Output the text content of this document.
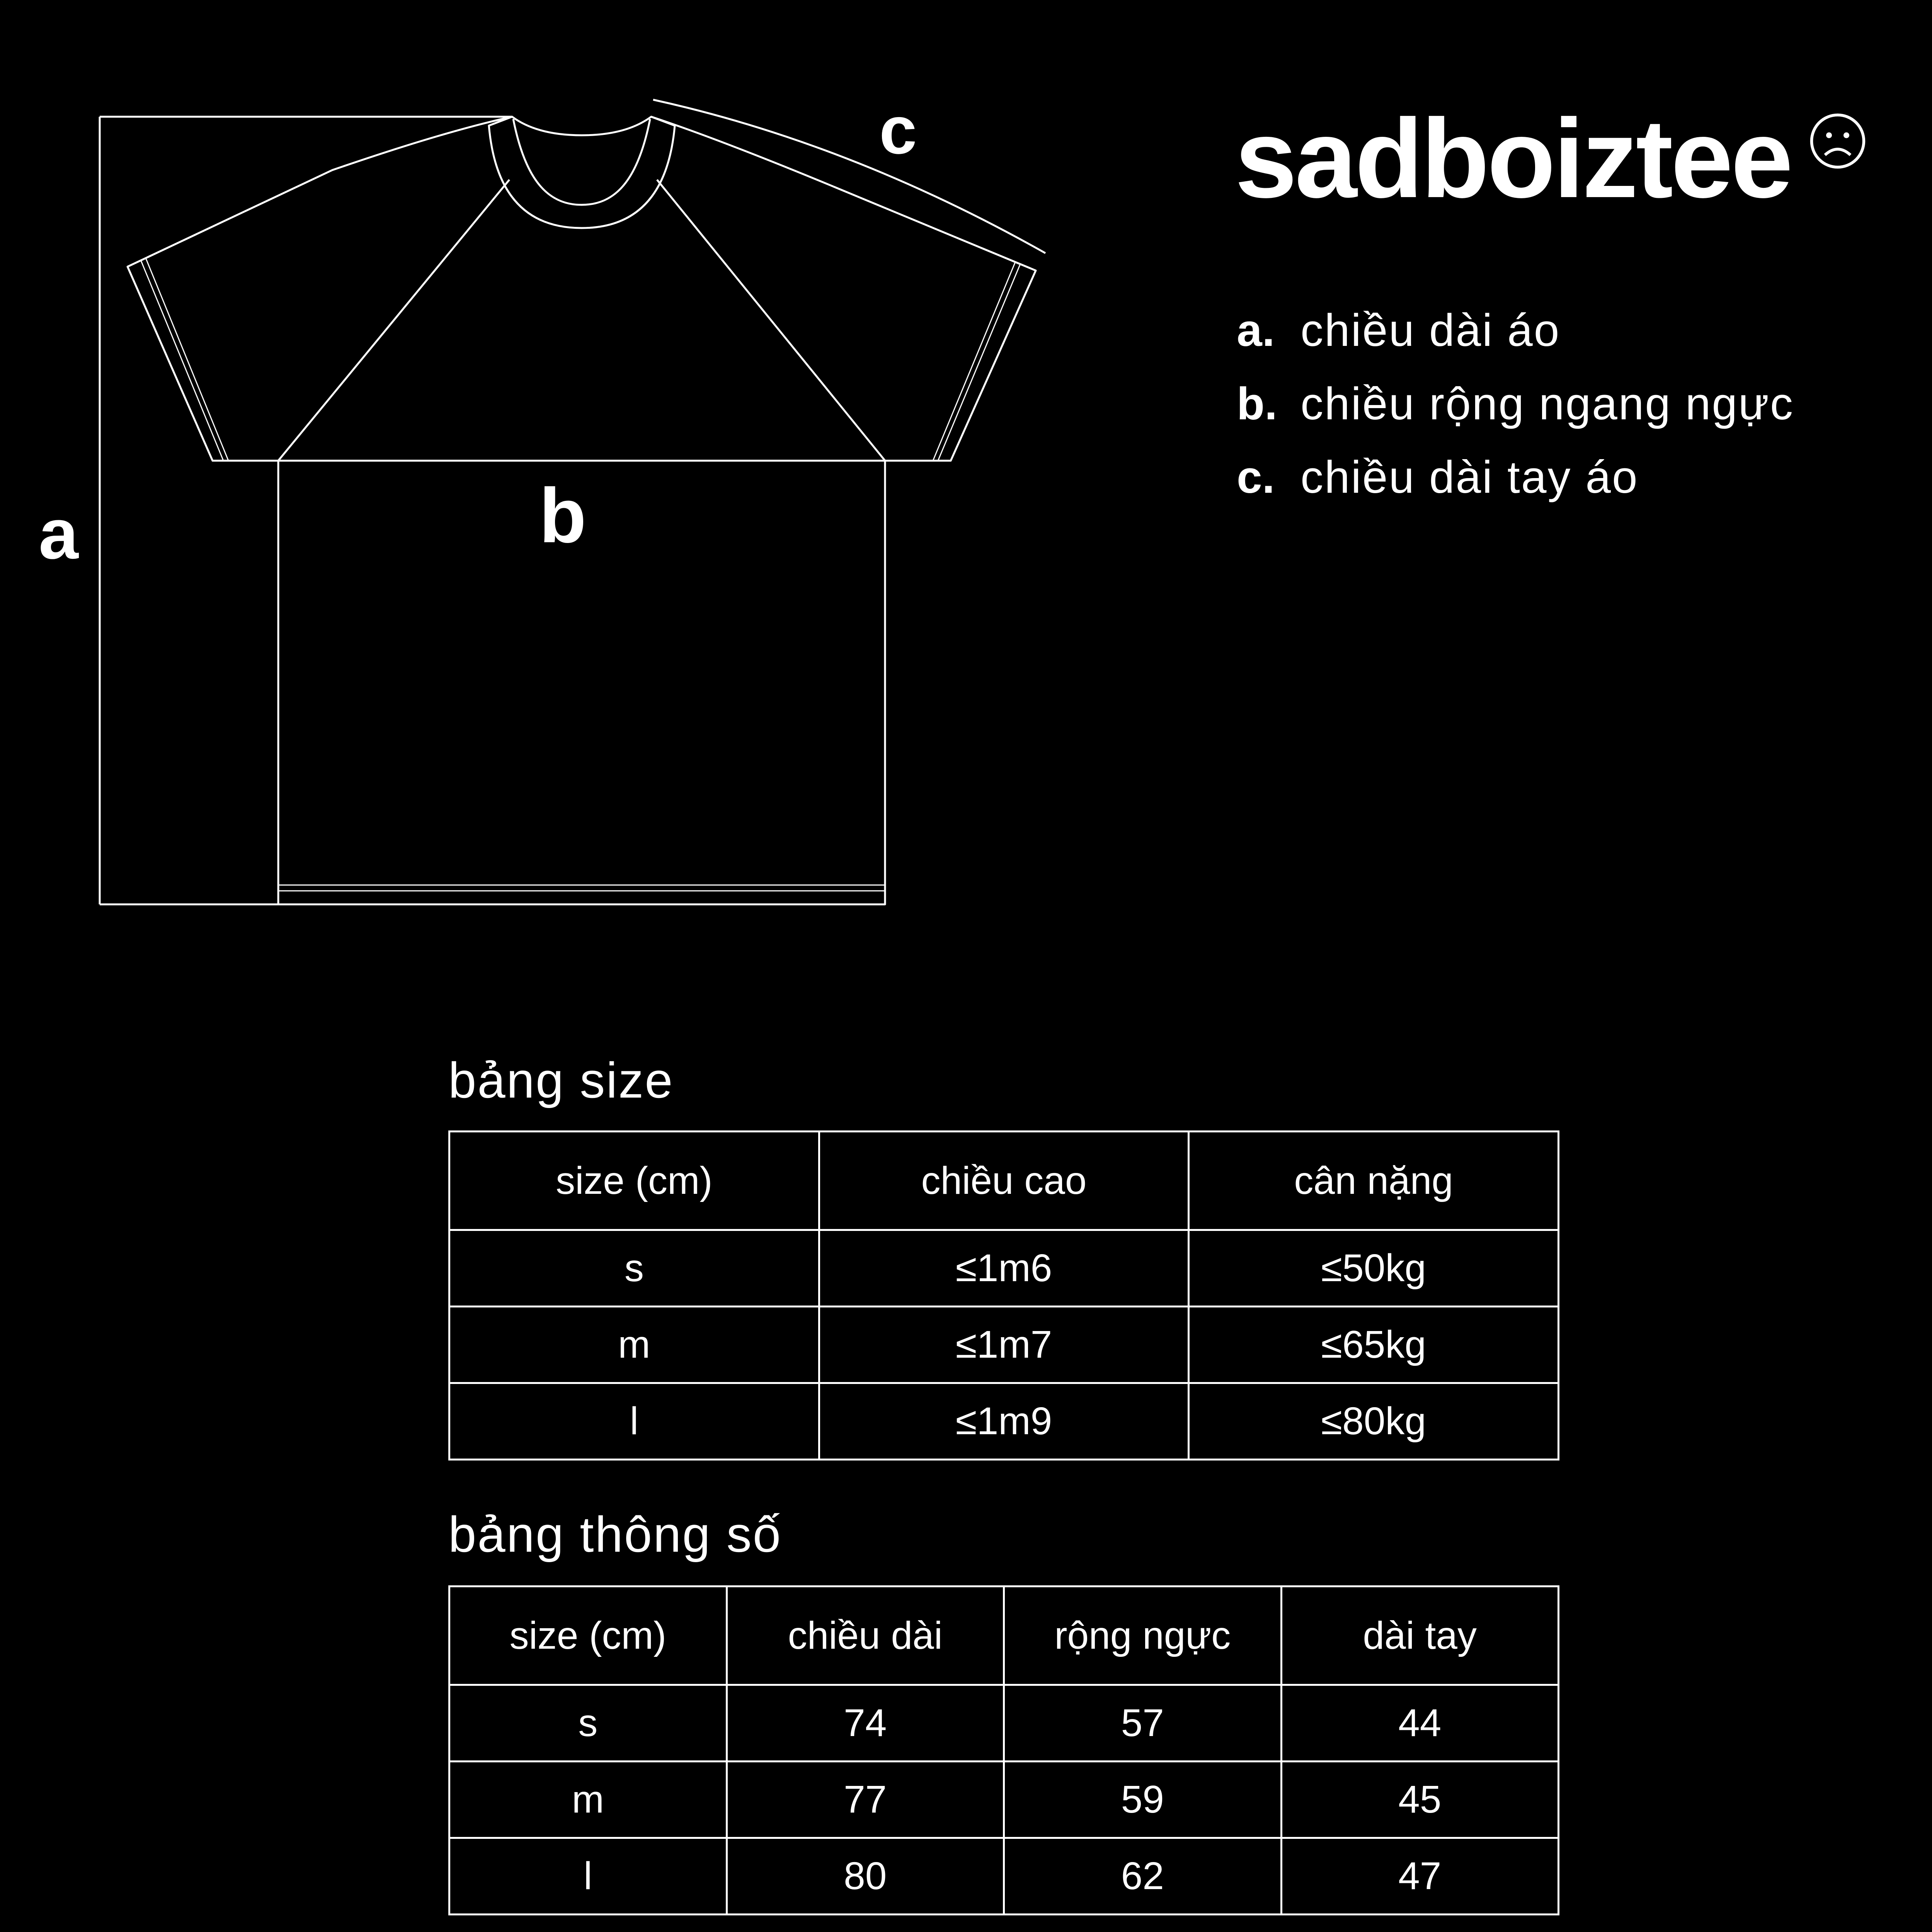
a	b
c	sadboiztee
a. chiều dài áo
b. chiều rộng ngang ngực
c. chiều dài tay áo
bảng size
size (cm)	chiều cao	cân nặng
s	≤1m6	≤50kg
m	≤1m7	≤65kg
l	≤1m9	≤80kg
bảng thông số
size (cm)	chiều dài	rộng ngực	dài tay
s	74	57	44
m	77	59	45
l	80	62	47
